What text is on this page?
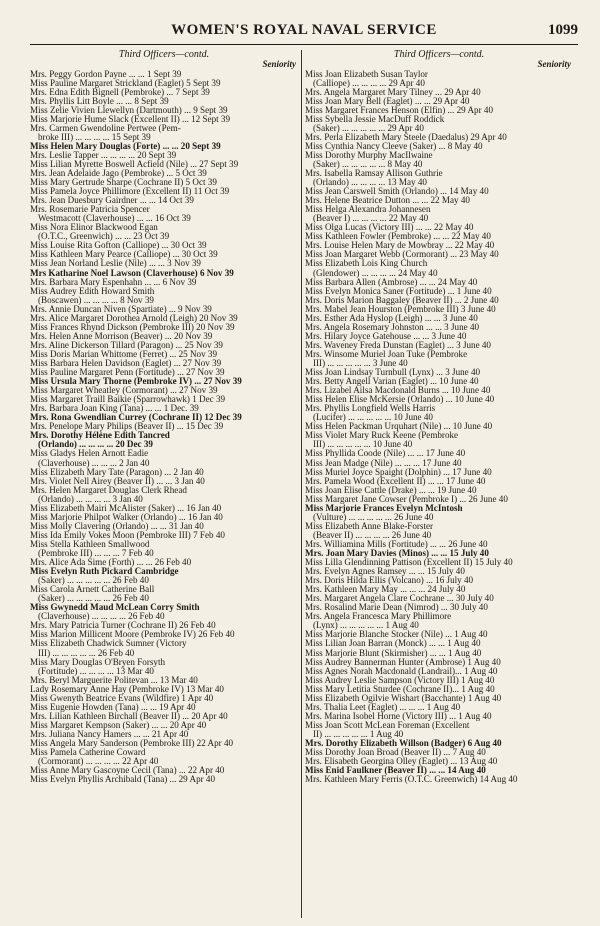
WOMEN'S ROYAL NAVAL SERVICE	1099
Third Officers—contd.
Seniority
Mrs. Peggy Gordon Payne ... ... 1 Sept 39
Miss Pauline Margaret Strickland (Eaglet) 5 Sept 39
Mrs. Edna Edith Bignell (Pembroke) ... 7 Sept 39
Mrs. Phyllis Litt Boyle ... ... 8 Sept 39
Miss Zelie Vivien Llewellyn (Dartmouth) ... 9 Sept 39
Miss Marjorie Hume Slack (Excellent II) ... 12 Sept 39
Mrs. Carmen Gwendoline Pertwee (Pem-
broke III) ... ... ... ... 15 Sept 39
Miss Helen Mary Douglas (Forte) ... ... 20 Sept 39
Mrs. Leslie Tapper ... ... ... ... 20 Sept 39
Miss Lilian Myrette Boswell Acfield (Nile) ... 27 Sept 39
Mrs. Jean Adelaide Jago (Pembroke) ... 5 Oct 39
Miss Mary Gertrude Sharpe (Cochrane II) 5 Oct 39
Miss Pamela Joyce Phillimore (Excellent II) 11 Oct 39
Mrs. Jean Duesbury Gairdner ... ... 14 Oct 39
Mrs. Rosemarie Patricia Spencer
Westmacott (Claverhouse) ... ... 16 Oct 39
Miss Nora Elinor Blackwood Egan
(O.T.C., Greenwich) ... ... 23 Oct 39
Miss Louise Rita Gofton (Calliope) ... 30 Oct 39
Miss Kathleen Mary Pearce (Calliope) ... 30 Oct 39
Miss Jean Norland Leslie (Nile) ... ... 3 Nov 39
Mrs Katharine Noel Lawson (Claverhouse) 6 Nov 39
Mrs. Barbara Mary Espenhahn ... ... 6 Nov 39
Miss Audrey Edith Howard Smith
(Boscawen) ... ... ... ... 8 Nov 39
Mrs. Annie Duncan Niven (Spartiate) ... 9 Nov 39
Mrs. Alice Margaret Dorothea Arnold (Leigh) 20 Nov 39
Miss Frances Rhynd Dickson (Pembroke III) 20 Nov 39
Mrs. Helen Anne Morrison (Beaver) ... 20 Nov 39
Mrs. Aline Dickerson Tillard (Paragon) ... 25 Nov 39
Miss Doris Marian Whittome (Ferret) ... 25 Nov 39
Miss Barbara Helen Davidson (Eaglet) ... 27 Nov 39
Miss Pauline Margaret Penn (Fortitude) ... 27 Nov 39
Miss Ursula Mary Thorne (Pembroke IV) ... 27 Nov 39
Miss Margaret Wheatley (Cormorant) ... 27 Nov 39
Miss Margaret Traill Baikie (Sparrowhawk) 1 Dec 39
Mrs. Barbara Joan King (Tana) ... ... 1 Dec. 39
Mrs. Rona Gwendlian Currey (Cochrane II) 12 Dec 39
Mrs. Penelope Mary Philips (Beaver II) ... 15 Dec 39
Mrs. Dorothy Hélène Edith Tancred
(Orlando) ... ... ... ... 20 Dec 39
Miss Gladys Helen Arnott Eadie
(Claverhouse) ... ... ... 2 Jan 40
Miss Elizabeth Mary Tate (Paragon) ... 2 Jan 40
Mrs. Violet Nell Airey (Beaver II) ... ... 3 Jan 40
Mrs. Helen Margaret Douglas Clerk Rhead
(Orlando) ... ... ... ... 3 Jan 40
Miss Elizabeth Mairi McAlister (Saker) ... 16 Jan 40
Miss Marjorie Philpot Walker (Orlando) ... 16 Jan 40
Miss Molly Clavering (Orlando) ... ... 31 Jan 40
Miss Ida Emily Vokes Moon (Pembroke III) 7 Feb 40
Miss Stella Kathleen Smallwood
(Pembroke III) ... ... ... 7 Feb 40
Mrs. Alice Ada Sime (Forth) ... ... 26 Feb 40
Miss Evelyn Ruth Pickard Cambridge
(Saker) ... ... ... ... ... 26 Feb 40
Miss Carola Arnett Catherine Ball
(Saker) ... ... ... ... ... 26 Feb 40
Miss Gwynedd Maud McLean Corry Smith
(Claverhouse) ... ... ... ... 26 Feb 40
Mrs. Mary Patricia Turner (Cochrane II) 26 Feb 40
Miss Marion Millicent Moore (Pembroke IV) 26 Feb 40
Miss Elizabeth Chadwick Sumner (Victory
III) ... ... ... ... ... 26 Feb 40
Miss Mary Douglas O'Bryen Forsyth
(Fortitude) ... ... ... ... 13 Mar 40
Mrs. Beryl Marguerite Politevan ... 13 Mar 40
Lady Rosemary Anne Hay (Pembroke IV) 13 Mar 40
Miss Gwenyth Beatrice Evans (Wildfire) 1 Apr 40
Miss Eugenie Howden (Tana) ... ... 19 Apr 40
Mrs. Lilian Kathleen Birchall (Beaver II) ... 20 Apr 40
Miss Margaret Kempson (Saker) ... ... 20 Apr 40
Mrs. Juliana Nancy Hamers ... ... 21 Apr 40
Miss Angela Mary Sanderson (Pembroke III) 22 Apr 40
Miss Pamela Catherine Coward
(Cormorant) ... ... ... ... 22 Apr 40
Miss Anne Mary Gascoyne Cecil (Tana) ... 22 Apr 40
Miss Evelyn Phyllis Archibald (Tana) ... 29 Apr 40
Third Officers—contd.
Seniority
Miss Joan Elizabeth Susan Taylor
(Calliope) ... ... ... ... 29 Apr 40
Mrs. Angela Margaret Mary Tilney ... 29 Apr 40
Miss Joan Mary Bell (Eaglet) ... ... 29 Apr 40
Miss Margaret Frances Henson (Elfin) ... 29 Apr 40
Miss Sybella Jessie MacDuff Roddick
(Saker) ... ... ... ... ... 29 Apr 40
Mrs. Perla Elizabeth Mary Steele (Daedalus) 29 Apr 40
Miss Cynthia Nancy Cleeve (Saker) ... 8 May 40
Miss Dorothy Murphy MacIlwaine
(Saker) ... ... ... ... ... 8 May 40
Mrs. Isabella Ramsay Allison Guthrie
(Orlando) ... ... ... ... 13 May 40
Miss Jean Carswell Smith (Orlando) ... 14 May 40
Mrs. Helene Beatrice Dutton ... ... 22 May 40
Miss Helga Alexandra Johannesen
(Beaver I) ... ... ... ... 22 May 40
Miss Olga Lucas (Victory III) ... ... 22 May 40
Miss Kathleen Fowler (Pembroke) ... ... 22 May 40
Mrs. Louise Helen Mary de Mowbray ... 22 May 40
Miss Joan Margaret Webb (Cormorant) ... 23 May 40
Miss Elizabeth Lois King Church
(Glendower) ... ... ... ... 24 May 40
Miss Barbara Allen (Ambrose) ... ... 24 May 40
Miss Evelyn Monica Saner (Fortitude) ... 1 June 40
Mrs. Doris Marion Baggaley (Beaver II) ... 2 June 40
Mrs. Mabel Jean Hourston (Pembroke III) 3 June 40
Mrs. Esther Ada Hyslop (Leigh) ... ... 3 June 40
Mrs. Angela Rosemary Johnston ... ... 3 June 40
Mrs. Hilary Joyce Gatehouse ... ... 3 June 40
Mrs. Waveney Freda Dunstan (Eaglet) ... 3 June 40
Mrs. Winsome Muriel Joan Tuke (Pembroke
III) ... ... ... ... ... 3 June 40
Miss Joan Lindsay Turnbull (Lynx) ... 3 June 40
Mrs. Betty Angell Varian (Eaglet) ... 10 June 40
Mrs. Lizabel Ailsa Macdonald Burns ... 10 June 40
Miss Helen Elise McKersie (Orlando) ... 10 June 40
Mrs. Phyllis Longfield Wells Harris
(Lucifer) ... ... ... ... ... 10 June 40
Miss Helen Packman Urquhart (Nile) ... 10 June 40
Miss Violet Mary Ruck Keene (Pembroke
III) ... ... ... ... ... 10 June 40
Miss Phyllida Coode (Nile) ... ... 17 June 40
Miss Jean Madge (Nile) ... ... ... 17 June 40
Miss Muriel Joyce Spaight (Dolphin) ... 17 June 40
Mrs. Pamela Wood (Excellent II) ... ... 17 June 40
Miss Joan Elise Cattle (Drake) ... ... 19 June 40
Miss Margaret Jane Cowser (Pembroke I) ... 26 June 40
Miss Marjorie Frances Evelyn McIntosh
(Vulture) ... ... ... ... ... 26 June 40
Miss Elizabeth Anne Blake-Forster
(Beaver II) ... ... ... ... 26 June 40
Mrs. Williamina Mills (Fortitude) ... ... 26 June 40
Mrs. Joan Mary Davies (Minos) ... ... 15 July 40
Miss Lilla Glendinning Pattison (Excellent II) 15 July 40
Mrs. Evelyn Agnes Ramsey ... ... 15 July 40
Mrs. Doris Hilda Ellis (Volcano) ... 16 July 40
Mrs. Kathleen Mary May ... ... ... 24 July 40
Mrs. Margaret Angela Clare Cochrane ... 30 July 40
Mrs. Rosalind Marie Dean (Nimrod) ... 30 July 40
Mrs. Angela Francesca Mary Phillimore
(Lynx) ... ... ... ... ... 1 Aug 40
Miss Marjorie Blanche Stocker (Nile) ... 1 Aug 40
Miss Lilian Joan Barran (Monck) ... ... 1 Aug 40
Miss Marjorie Blunt (Skirmisher) ... ... 1 Aug 40
Miss Audrey Bannerman Hunter (Ambrose) 1 Aug 40
Miss Agnes Norah Macdonald (Landrail)... 1 Aug 40
Miss Audrey Leslie Sampson (Victory III) 1 Aug 40
Miss Mary Letitia Sturdee (Cochrane II)... 1 Aug 40
Miss Elizabeth Ogilvie Wishart (Bacchante) 1 Aug 40
Mrs. Thalia Leet (Eaglet) ... ... ... 1 Aug 40
Mrs. Marina Isobel Horne (Victory III) ... 1 Aug 40
Miss Joan Scott McLean Foreman (Excellent
II) ... ... ... ... ... 1 Aug 40
Mrs. Dorothy Elizabeth Willson (Badger) 6 Aug 40
Miss Dorothy Joan Broad (Beaver II) ... 7 Aug 40
Mrs. Elisabeth Georgina Olley (Eaglet) ... 13 Aug 40
Miss Enid Faulkner (Beaver II) ... ... 14 Aug 40
Mrs. Kathleen Mary Ferris (O.T.C. Greenwich) 14 Aug 40
